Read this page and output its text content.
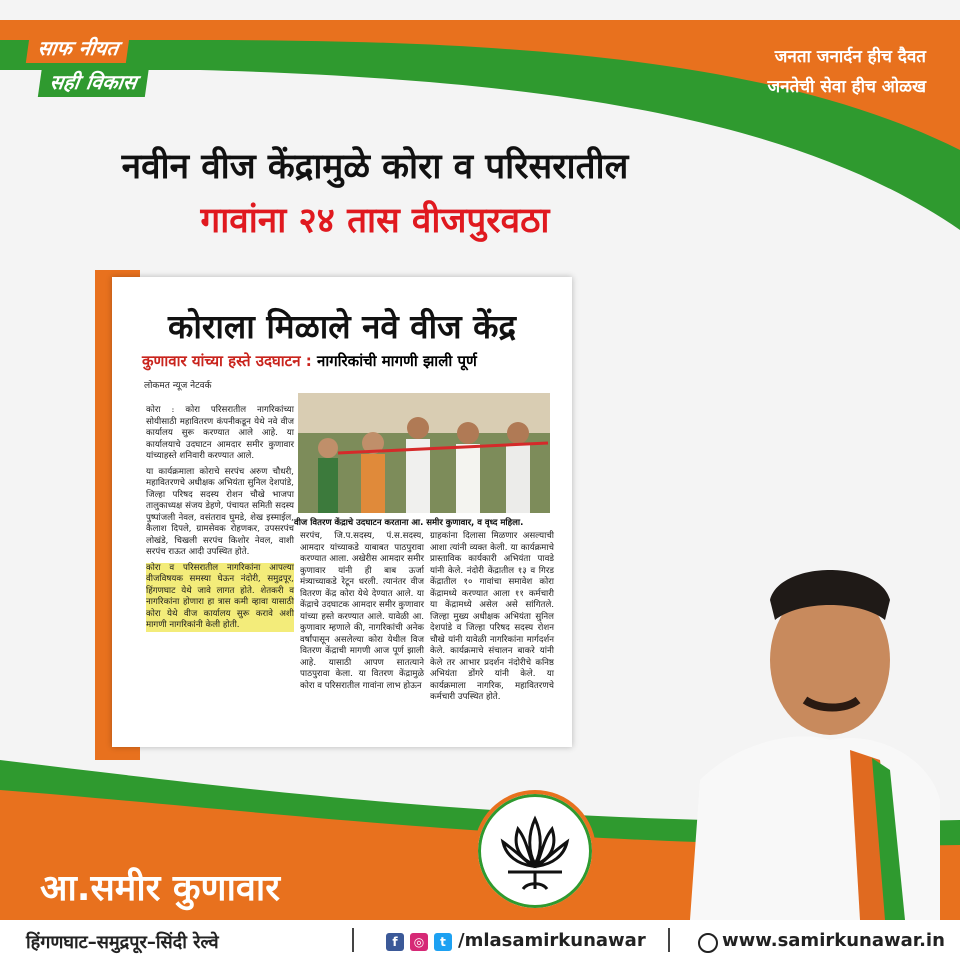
साफ नीयत
सही विकास
जनता जनार्दन हीच दैवत
जनतेची सेवा हीच ओळख
नवीन वीज केंद्रामुळे कोरा व परिसरातील
गावांना २४ तास वीजपुरवठा
कोराला मिळाले नवे वीज केंद्र
कुणावार यांच्या हस्ते उदघाटन : नागरिकांची मागणी झाली पूर्ण
लोकमत न्यूज नेटवर्क
वीज वितरण केंद्राचे उदघाटन करताना आ. समीर कुणावार, व वृध्द महिला.

कोरा : कोरा परिसरातील नागरिकांच्या सोयीसाठी महावितरण कंपनीकडून येथे नवे वीज कार्यालय सुरू करण्यात आले आहे. या कार्यालयाचे उदघाटन आमदार समीर कुणावार यांच्याहस्ते शनिवारी करण्यात आले.

या कार्यक्रमाला कोराचे सरपंच अरुण चौधरी, महावितरणचे अधीक्षक अभियंता सुनिल देशपांडे, जिल्हा परिषद सदस्य रोशन चौखे भाजपा तालुकाध्यक्ष संजय डेहणे, पंचायत समिती सदस्य पुष्पांजली नेवल, वसंतराव घुमडे, शेख इस्माईल, कैलाश दिपले, ग्रामसेवक रोहणकर, उपसरपंच लोखंडे, चिखली सरपंच किशोर नेवल, वाशी सरपंच राऊत आदी उपस्थित होते.

कोरा व परिसरातील नागरिकांना आपल्या वीजविषयक समस्या घेऊन नंदोरी, समुद्रपूर, हिंगणघाट येथे जावे लागत होते. शेतकरी व नागरिकांना होणारा हा त्रास कमी व्हावा यासाठी कोरा येथे वीज कार्यालय सुरू करावे अशी मागणी नागरिकांनी केली होती.

सरपंच, जि.प.सदस्य, पं.स.सदस्य, आमदार यांच्याकडे याबाबत पाठपुरावा करण्यात आला. अखेरीस आमदार समीर कुणावार यांनी ही बाब ऊर्जा मंत्र्याच्याकडे रेटून धरली. त्यानंतर वीज वितरण केंद्र कोरा येथे देण्यात आले. या केंद्राचे उदघाटक आमदार समीर कुणावार यांच्या हस्ते करण्यात आले. यावेळी आ. कुणावार म्हणाले की, नागरिकांची अनेक वर्षांपासून असलेल्या कोरा येथील विज वितरण केंद्राची मागणी आज पूर्ण झाली आहे. यासाठी आपण सातत्याने पाठपुरावा केला. या वितरण केंद्रामुळे कोरा व परिसरातील गावांना लाभ होऊन
ग्राहकांना दिलासा मिळणार असल्याची आशा त्यांनी व्यक्त केली. या कार्यक्रमाचे प्रास्ताविक कार्यकारी अभियंता पावडे यांनी केले. नंदोरी केंद्रातील १३ व गिरड केंद्रातील १० गावांचा समावेश कोरा केंद्रामध्ये करण्यात आला ११ कर्मचारी या केंद्रामध्ये असेल असे सांगितले. जिल्हा मुख्य अधीक्षक अभियंता सुनिल देशपांडे व जिल्हा परिषद सदस्य रोशन चौखे यांनी यावेळी नागरिकांना मार्गदर्शन केले. कार्यक्रमाचे संचालन बाकरे यांनी केले तर आभार प्रदर्शन नंदोरीचे कनिष्ठ अभियंता डोंगरे यांनी केले. या कार्यक्रमाला नागरिक, महावितरणचे कर्मचारी उपस्थित होते.
आ.समीर कुणावार
हिंगणघाट–समुद्रपूर–सिंदी रेल्वे	f	◎	t /mlasamirkunawar	www.samirkunawar.in
